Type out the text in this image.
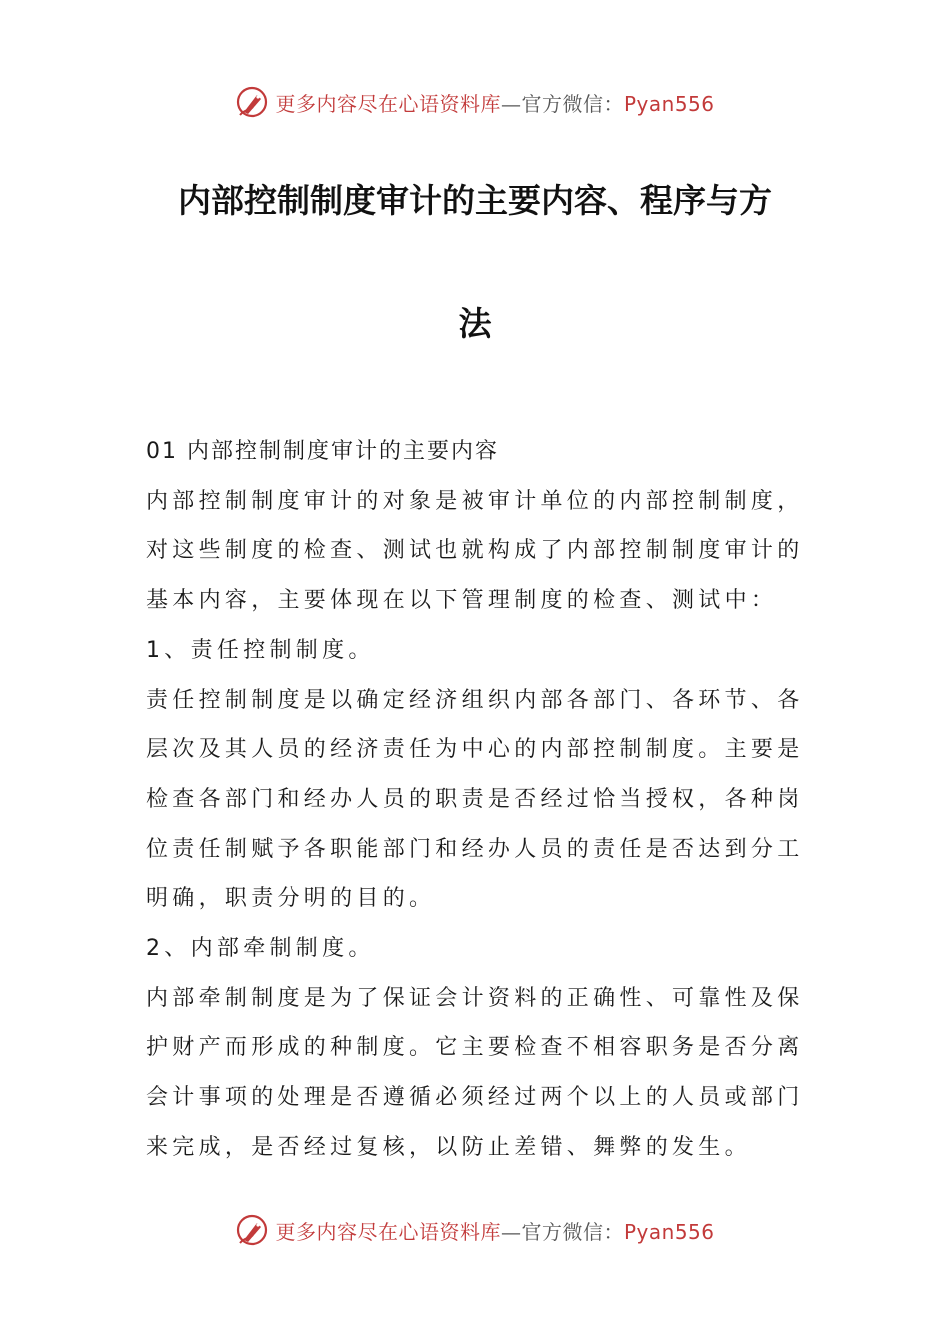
更多内容尽在心语资料库—官方微信：Pyan556
内部控制制度审计的主要内容、程序与方
法

01 内部控制制度审计的主要内容

内部控制制度审计的对象是被审计单位的内部控制制度，

对这些制度的检查、测试也就构成了内部控制制度审计的

基本内容，主要体现在以下管理制度的检查、测试中：

1、责任控制制度。

责任控制制度是以确定经济组织内部各部门、各环节、各

层次及其人员的经济责任为中心的内部控制制度。主要是

检查各部门和经办人员的职责是否经过恰当授权，各种岗

位责任制赋予各职能部门和经办人员的责任是否达到分工

明确，职责分明的目的。

2、内部牵制制度。

内部牵制制度是为了保证会计资料的正确性、可靠性及保

护财产而形成的种制度。它主要检查不相容职务是否分离

会计事项的处理是否遵循必须经过两个以上的人员或部门

来完成，是否经过复核，以防止差错、舞弊的发生。

更多内容尽在心语资料库—官方微信：Pyan556
